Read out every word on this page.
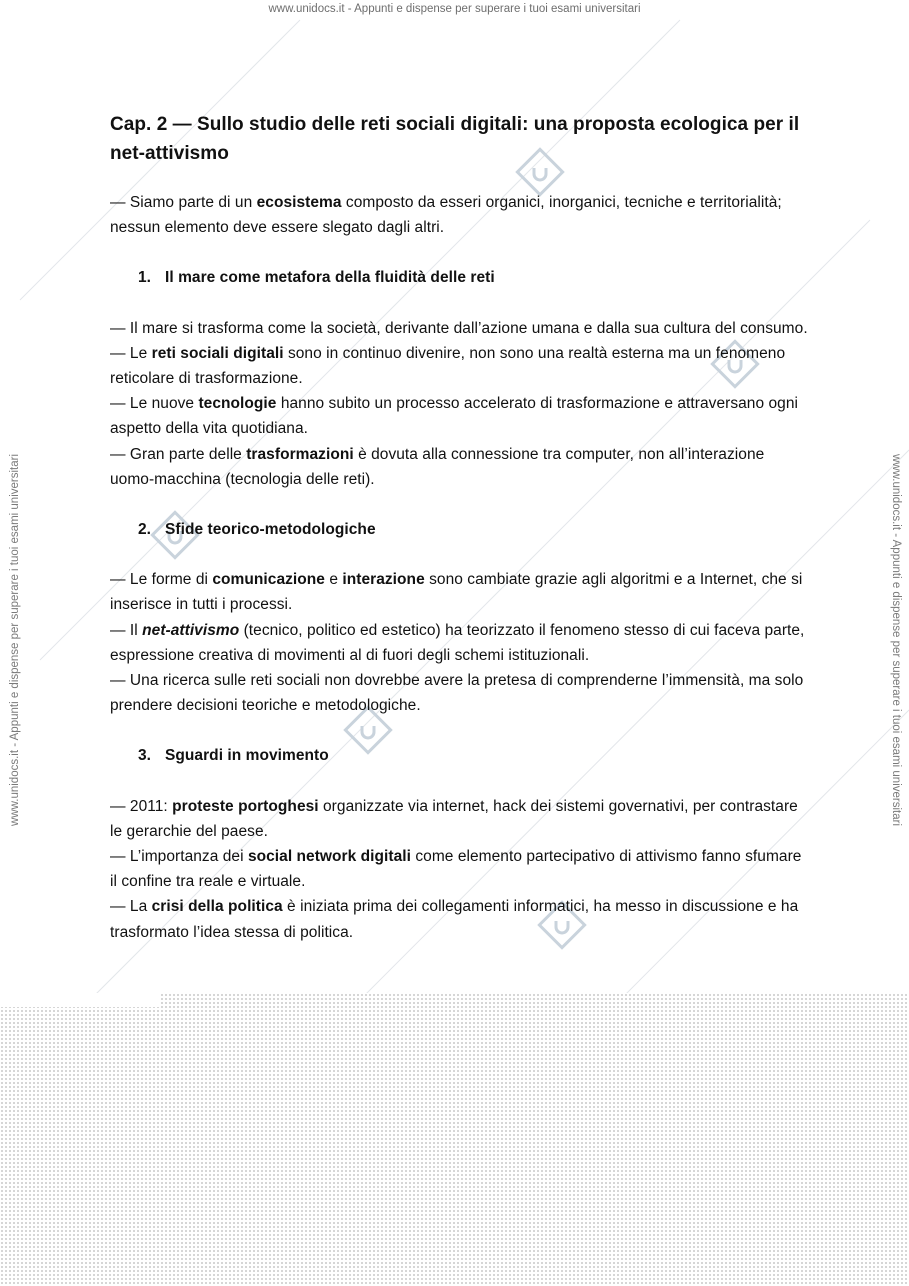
www.unidocs.it - Appunti e dispense per superare i tuoi esami universitari
www.unidocs.it - Appunti e dispense per superare i tuoi esami universitari	www.unidocs.it - Appunti e dispense per superare i tuoi esami universitari
Cap. 2 — Sullo studio delle reti sociali digitali: una proposta ecologica per il net-attivismo

— Siamo parte di un ecosistema composto da esseri organici, inorganici, tecniche e territorialità; nessun elemento deve essere slegato dagli altri.

1. Il mare come metafora della fluidità delle reti

— Il mare si trasforma come la società, derivante dall’azione umana e dalla sua cultura del consumo.

— Le reti sociali digitali sono in continuo divenire, non sono una realtà esterna ma un fenomeno reticolare di trasformazione.

— Le nuove tecnologie hanno subito un processo accelerato di trasformazione e attraversano ogni aspetto della vita quotidiana.

— Gran parte delle trasformazioni è dovuta alla connessione tra computer, non all’interazione uomo-macchina (tecnologia delle reti).

2. Sfide teorico-metodologiche

— Le forme di comunicazione e interazione sono cambiate grazie agli algoritmi e a Internet, che si inserisce in tutti i processi.

— Il net-attivismo (tecnico, politico ed estetico) ha teorizzato il fenomeno stesso di cui faceva parte, espressione creativa di movimenti al di fuori degli schemi istituzionali.

— Una ricerca sulle reti sociali non dovrebbe avere la pretesa di comprenderne l’immensità, ma solo prendere decisioni teoriche e metodologiche.

3. Sguardi in movimento

— 2011: proteste portoghesi organizzate via internet, hack dei sistemi governativi, per contrastare le gerarchie del paese.

— L’importanza dei social network digitali come elemento partecipativo di attivismo fanno sfumare il confine tra reale e virtuale.

— La crisi della politica è iniziata prima dei collegamenti informatici, ha messo in discussione e ha trasformato l’idea stessa di politica.
